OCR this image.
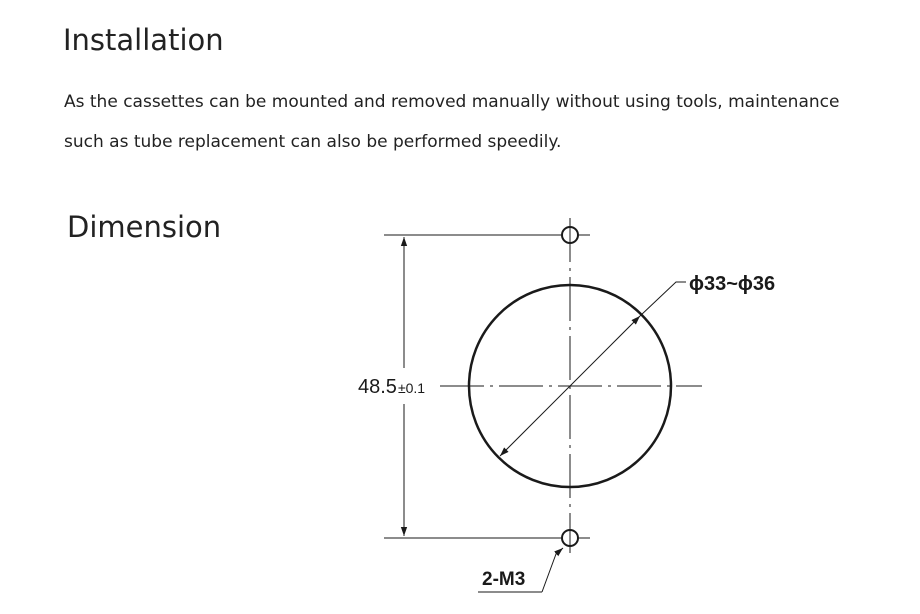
Installation

As the cassettes can be mounted and removed manually without using tools, maintenance
such as tube replacement can also be performed speedily.

Dimension
ϕ33~ϕ36
48.5±0.1
2-M3
